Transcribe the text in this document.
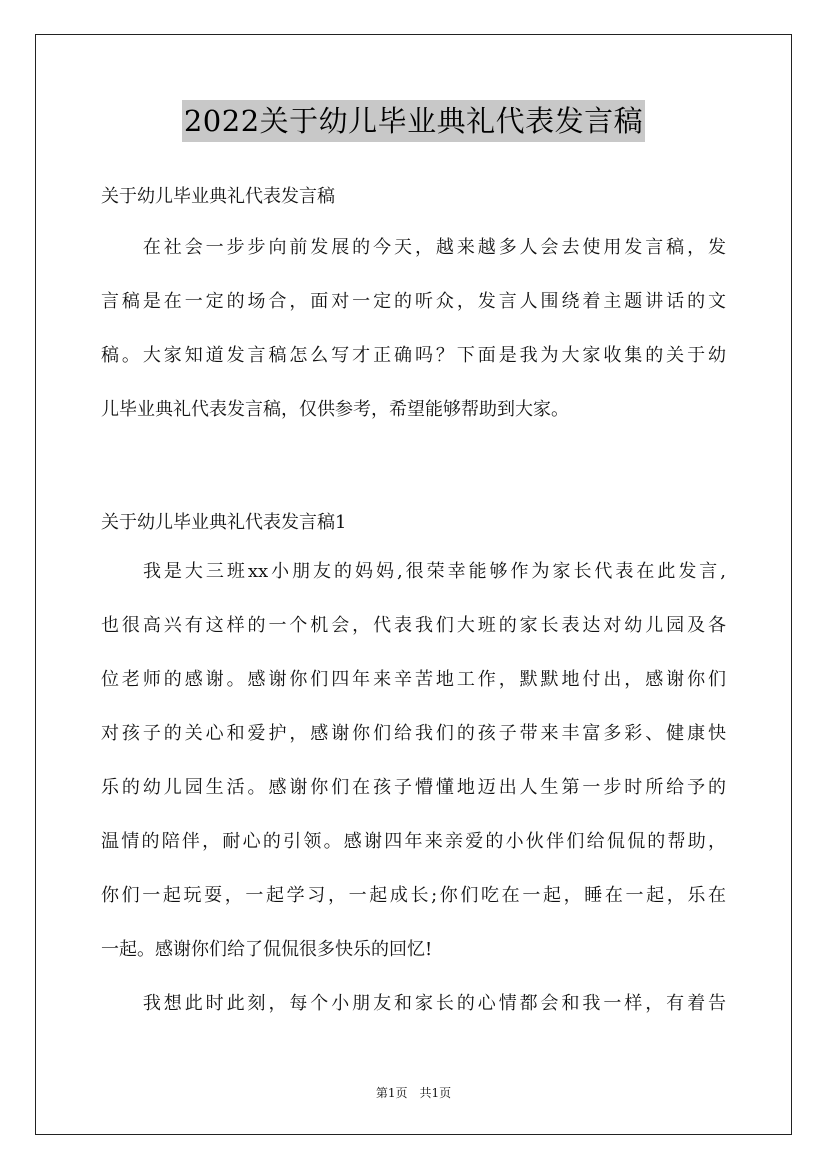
2022关于幼儿毕业典礼代表发言稿
关于幼儿毕业典礼代表发言稿

　　在社会一步步向前发展的今天，越来越多人会去使用发言稿，发
言稿是在一定的场合，面对一定的听众，发言人围绕着主题讲话的文
稿。大家知道发言稿怎么写才正确吗？下面是我为大家收集的关于幼
儿毕业典礼代表发言稿，仅供参考，希望能够帮助到大家。

关于幼儿毕业典礼代表发言稿1

　　我是大三班xx小朋友的妈妈,很荣幸能够作为家长代表在此发言,
也很高兴有这样的一个机会，代表我们大班的家长表达对幼儿园及各
位老师的感谢。感谢你们四年来辛苦地工作，默默地付出，感谢你们
对孩子的关心和爱护，感谢你们给我们的孩子带来丰富多彩、健康快
乐的幼儿园生活。感谢你们在孩子懵懂地迈出人生第一步时所给予的
温情的陪伴，耐心的引领。感谢四年来亲爱的小伙伴们给侃侃的帮助，
你们一起玩耍，一起学习，一起成长;你们吃在一起，睡在一起，乐在
一起。感谢你们给了侃侃很多快乐的回忆!

　　我想此时此刻，每个小朋友和家长的心情都会和我一样，有着告

第1页　共1页
